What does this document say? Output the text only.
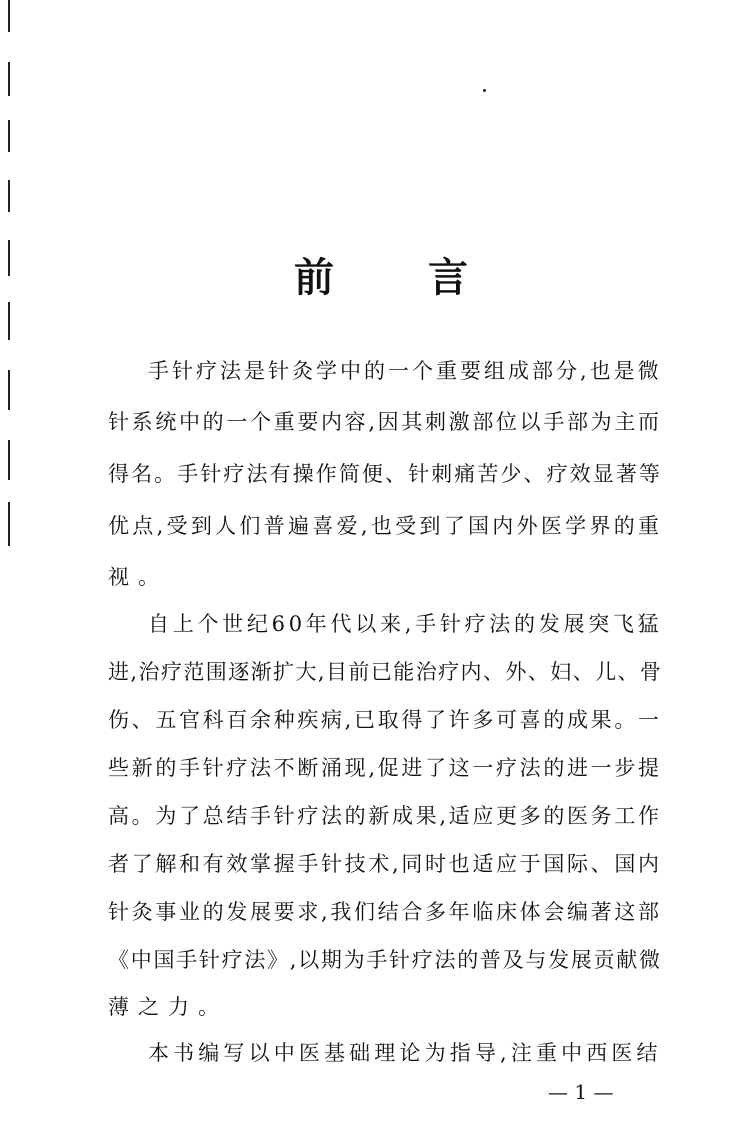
前 言
手针疗法是针灸学中的一个重要组成部分,也是微
针系统中的一个重要内容,因其刺激部位以手部为主而
得名。手针疗法有操作简便、针刺痛苦少、疗效显著等
优点,受到人们普遍喜爱,也受到了国内外医学界的重
视。
自上个世纪60年代以来,手针疗法的发展突飞猛
进,治疗范围逐渐扩大,目前已能治疗内、外、妇、儿、骨
伤、五官科百余种疾病,已取得了许多可喜的成果。一
些新的手针疗法不断涌现,促进了这一疗法的进一步提
高。为了总结手针疗法的新成果,适应更多的医务工作
者了解和有效掌握手针技术,同时也适应于国际、国内
针灸事业的发展要求,我们结合多年临床体会编著这部
《中国手针疗法》,以期为手针疗法的普及与发展贡献微
薄之力。
本书编写以中医基础理论为指导,注重中西医结
— 1 —
